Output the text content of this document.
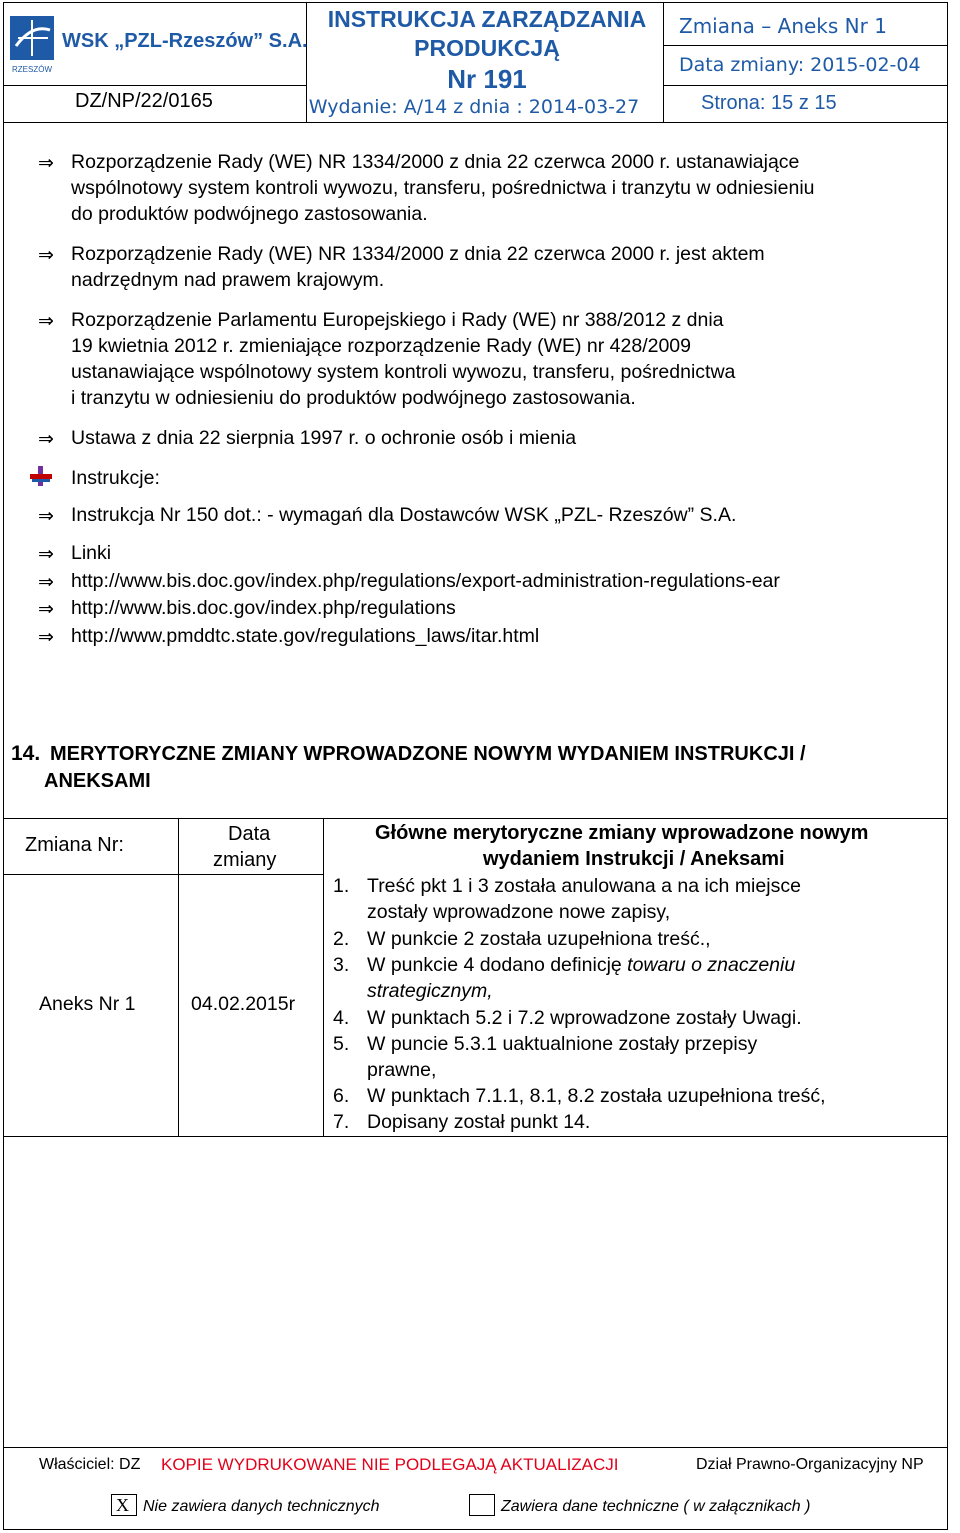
RZESZÓW
WSK „PZL-Rzeszów” S.A.
DZ/NP/22/0165
INSTRUKCJA ZARZĄDZANIA
PRODUKCJĄ
Nr 191
Wydanie: A/14 z dnia : 2014-03-27
Zmiana – Aneks Nr 1
Data zmiany: 2015-02-04
Strona: 15 z 15
⇒ Rozporządzenie Rady (WE) NR 1334/2000 z dnia 22 czerwca 2000 r. ustanawiające
wspólnotowy system kontroli wywozu, transferu, pośrednictwa i tranzytu w odniesieniu
do produktów podwójnego zastosowania.
⇒ Rozporządzenie Rady (WE) NR 1334/2000 z dnia 22 czerwca 2000 r. jest aktem
nadrzędnym nad prawem krajowym.
⇒ Rozporządzenie Parlamentu Europejskiego i Rady (WE) nr 388/2012 z dnia
19 kwietnia 2012 r. zmieniające rozporządzenie Rady (WE) nr 428/2009
ustanawiające wspólnotowy system kontroli wywozu, transferu, pośrednictwa
i tranzytu w odniesieniu do produktów podwójnego zastosowania.
⇒ Ustawa z dnia 22 sierpnia 1997 r. o ochronie osób i mienia
Instrukcje:
⇒ Instrukcja Nr 150 dot.: - wymagań dla Dostawców WSK „PZL- Rzeszów” S.A.
⇒ Linki
⇒ http://www.bis.doc.gov/index.php/regulations/export-administration-regulations-ear
⇒ http://www.bis.doc.gov/index.php/regulations
⇒ http://www.pmddtc.state.gov/regulations_laws/itar.html
14. MERYTORYCZNE ZMIANY WPROWADZONE NOWYM WYDANIEM INSTRUKCJI /
ANEKSAMI
Zmiana Nr:	Data
zmiany
Główne merytoryczne zmiany wprowadzone nowym
wydaniem Instrukcji / Aneksami
Aneks Nr 1	04.02.2015r
1. Treść pkt 1 i 3 została anulowana a na ich miejsce
zostały wprowadzone nowe zapisy,
2. W punkcie 2 została uzupełniona treść.,
3. W punkcie 4 dodano definicję towaru o znaczeniu
strategicznym,
4. W punktach 5.2 i 7.2 wprowadzone zostały Uwagi.
5. W puncie 5.3.1 uaktualnione zostały przepisy
prawne,
6. W punktach 7.1.1, 8.1, 8.2 została uzupełniona treść,
7. Dopisany został punkt 14.
Właściciel: DZ KOPIE WYDRUKOWANE NIE PODLEGAJĄ AKTUALIZACJI	Dział Prawno-Organizacyjny NP
X Nie zawiera danych technicznych	Zawiera dane techniczne ( w załącznikach )
